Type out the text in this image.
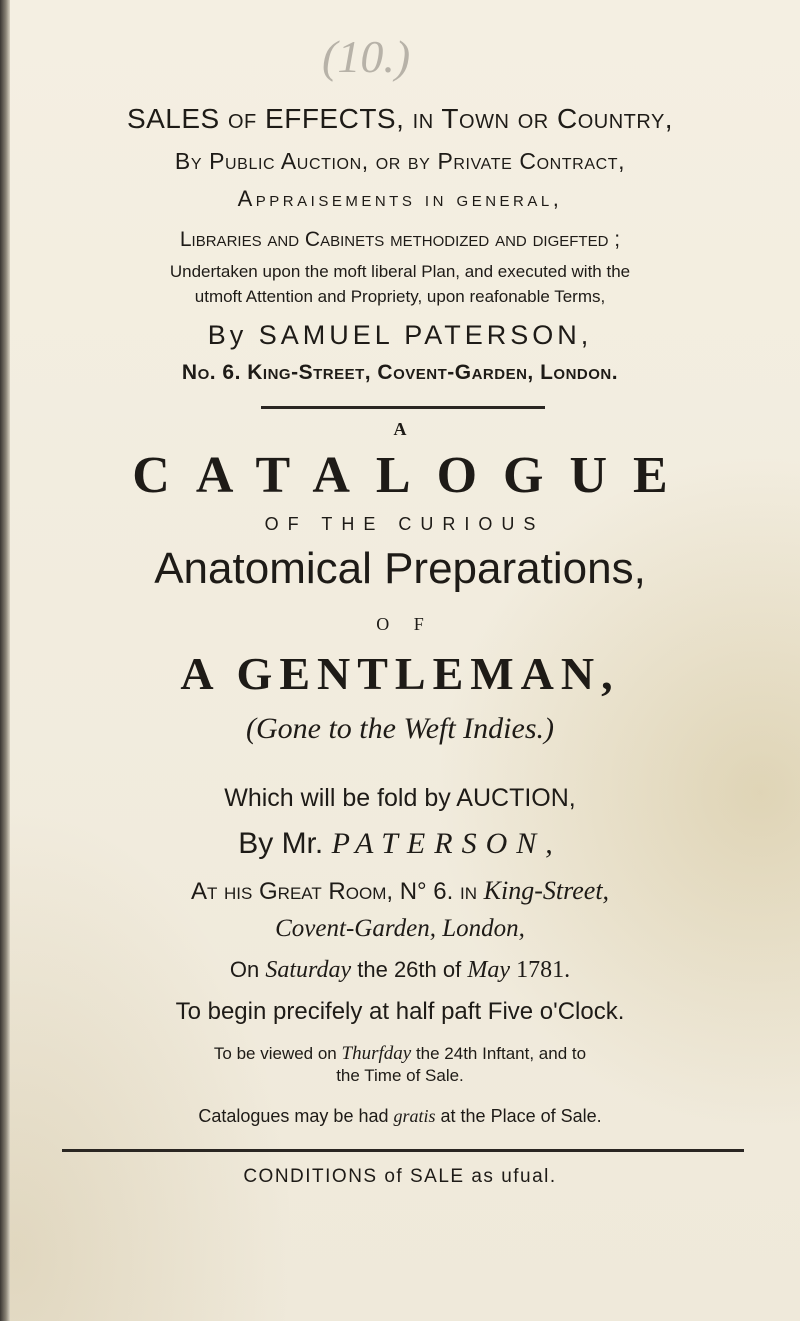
(10.)
SALES of EFFECTS, in Town or Country,
By Public Auction, or by Private Contract,
Appraisements in general,
Libraries and Cabinets methodized and digefted ;
Undertaken upon the moft liberal Plan, and executed with the
utmoft Attention and Propriety, upon reafonable Terms,
By SAMUEL PATERSON,
No. 6. King-Street, Covent-Garden, London.
A
CATALOGUE
OF THE CURIOUS
Anatomical Preparations,
O F
A GENTLEMAN,
(Gone to the Weft Indies.)
Which will be fold by AUCTION,
By Mr. PATERSON,
At his Great Room, N° 6. in King-Street,
Covent-Garden, London,
On Saturday the 26th of May 1781.
To begin precifely at half paft Five o'Clock.
To be viewed on Thurfday the 24th Inftant, and to
the Time of Sale.
Catalogues may be had gratis at the Place of Sale.
CONDITIONS of SALE as ufual.
